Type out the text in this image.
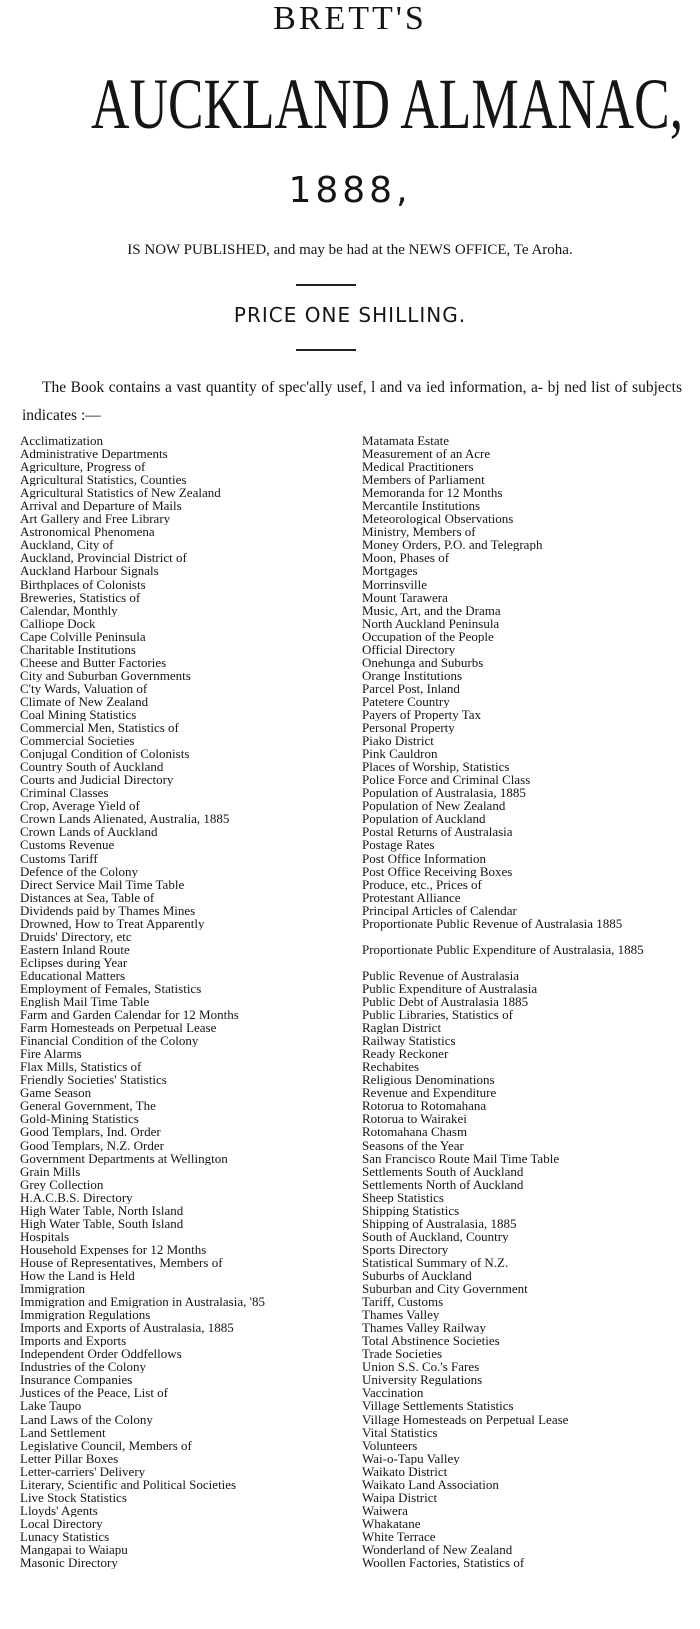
BRETT'S
AUCKLAND ALMANAC,
1888,
IS NOW PUBLISHED, and may be had at the NEWS OFFICE, Te Aroha.
PRICE ONE SHILLING.
The Book contains a vast quantity of spec'ally usef, l and va ied information, a- bj ned list of subjects indicates :—
Acclimatization
Administrative Departments
Agriculture, Progress of
Agricultural Statistics, Counties
Agricultural Statistics of New Zealand
Arrival and Departure of Mails
Art Gallery and Free Library
Astronomical Phenomena
Auckland, City of
Auckland, Provincial District of
Auckland Harbour Signals
Birthplaces of Colonists
Breweries, Statistics of
Calendar, Monthly
Calliope Dock
Cape Colville Peninsula
Charitable Institutions
Cheese and Butter Factories
City and Suburban Governments
C'ty Wards, Valuation of
Climate of New Zealand
Coal Mining Statistics
Commercial Men, Statistics of
Commercial Societies
Conjugal Condition of Colonists
Country South of Auckland
Courts and Judicial Directory
Criminal Classes
Crop, Average Yield of
Crown Lands Alienated, Australia, 1885
Crown Lands of Auckland
Customs Revenue
Customs Tariff
Defence of the Colony
Direct Service Mail Time Table
Distances at Sea, Table of
Dividends paid by Thames Mines
Drowned, How to Treat Apparently
Druids' Directory, etc
Eastern Inland Route
Eclipses during Year
Educational Matters
Employment of Females, Statistics
English Mail Time Table
Farm and Garden Calendar for 12 Months
Farm Homesteads on Perpetual Lease
Financial Condition of the Colony
Fire Alarms
Flax Mills, Statistics of
Friendly Societies' Statistics
Game Season
General Government, The
Gold-Mining Statistics
Good Templars, Ind. Order
Good Templars, N.Z. Order
Government Departments at Wellington
Grain Mills
Grey Collection
H.A.C.B.S. Directory
High Water Table, North Island
High Water Table, South Island
Hospitals
Household Expenses for 12 Months
House of Representatives, Members of
How the Land is Held
Immigration
Immigration and Emigration in Australasia, '85
Immigration Regulations
Imports and Exports of Australasia, 1885
Imports and Exports
Independent Order Oddfellows
Industries of the Colony
Insurance Companies
Justices of the Peace, List of
Lake Taupo
Land Laws of the Colony
Land Settlement
Legislative Council, Members of
Letter Pillar Boxes
Letter-carriers' Delivery
Literary, Scientific and Political Societies
Live Stock Statistics
Lloyds' Agents
Local Directory
Lunacy Statistics
Mangapai to Waiapu
Masonic Directory
Matamata Estate
Measurement of an Acre
Medical Practitioners
Members of Parliament
Memoranda for 12 Months
Mercantile Institutions
Meteorological Observations
Ministry, Members of
Money Orders, P.O. and Telegraph
Moon, Phases of
Mortgages
Morrinsville
Mount Tarawera
Music, Art, and the Drama
North Auckland Peninsula
Occupation of the People
Official Directory
Onehunga and Suburbs
Orange Institutions
Parcel Post, Inland
Patetere Country
Payers of Property Tax
Personal Property
Piako District
Pink Cauldron
Places of Worship, Statistics
Police Force and Criminal Class
Population of Australasia, 1885
Population of New Zealand
Population of Auckland
Postal Returns of Australasia
Postage Rates
Post Office Information
Post Office Receiving Boxes
Produce, etc., Prices of
Protestant Alliance
Principal Articles of Calendar
Proportionate Public Revenue of Australasia 1885
Proportionate Public Expenditure of Australasia, 1885
Public Revenue of Australasia
Public Expenditure of Australasia
Public Debt of Australasia 1885
Public Libraries, Statistics of
Raglan District
Railway Statistics
Ready Reckoner
Rechabites
Religious Denominations
Revenue and Expenditure
Rotorua to Rotomahana
Rotorua to Wairakei
Rotomahana Chasm
Seasons of the Year
San Francisco Route Mail Time Table
Settlements South of Auckland
Settlements North of Auckland
Sheep Statistics
Shipping Statistics
Shipping of Australasia, 1885
South of Auckland, Country
Sports Directory
Statistical Summary of N.Z.
Suburbs of Auckland
Suburban and City Government
Tariff, Customs
Thames Valley
Thames Valley Railway
Total Abstinence Societies
Trade Societies
Union S.S. Co.'s Fares
University Regulations
Vaccination
Village Settlements Statistics
Village Homesteads on Perpetual Lease
Vital Statistics
Volunteers
Wai-o-Tapu Valley
Waikato District
Waikato Land Association
Waipa District
Waiwera
Whakatane
White Terrace
Wonderland of New Zealand
Woollen Factories, Statistics of
